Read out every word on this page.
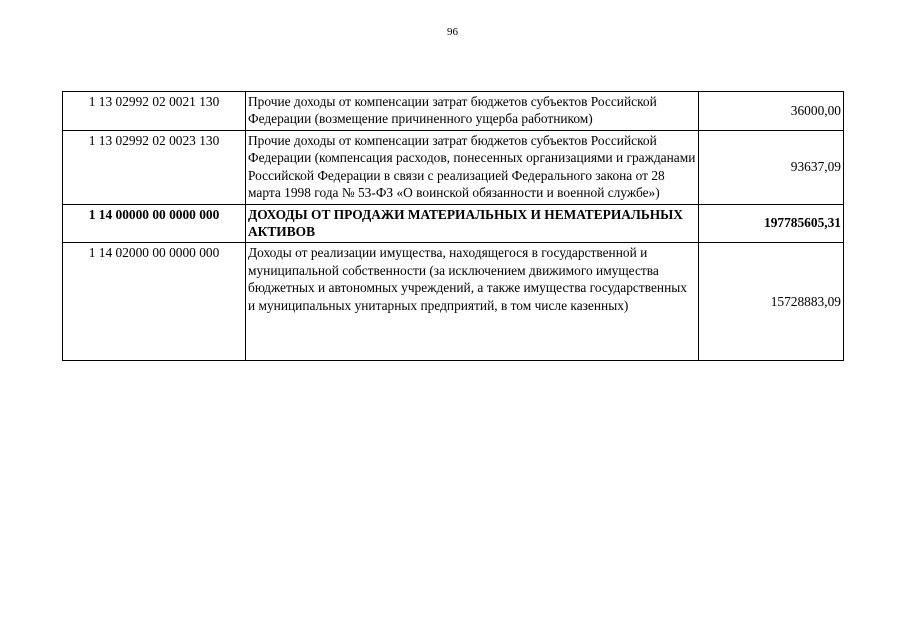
96
1 13 02992 02 0021 130	Прочие доходы от компенсации затрат бюджетов субъектов Российской Федерации (возмещение причиненного ущерба работником)	36000,00
1 13 02992 02 0023 130	Прочие доходы от компенсации затрат бюджетов субъектов Российской Федерации (компенсация расходов, понесенных организациями и гражданами Российской Федерации в связи с реализацией Федерального закона от 28 марта 1998 года № 53-ФЗ «О воинской обязанности и военной службе»)	93637,09
1 14 00000 00 0000 000	ДОХОДЫ ОТ ПРОДАЖИ МАТЕРИАЛЬНЫХ И НЕМАТЕРИАЛЬНЫХ АКТИВОВ	197785605,31
1 14 02000 00 0000 000	Доходы от реализации имущества, находящегося в государственной и муниципальной собственности (за исключением движимого имущества бюджетных и автономных учреждений, а также имущества государственных и муниципальных унитарных предприятий, в том числе казенных)	15728883,09
